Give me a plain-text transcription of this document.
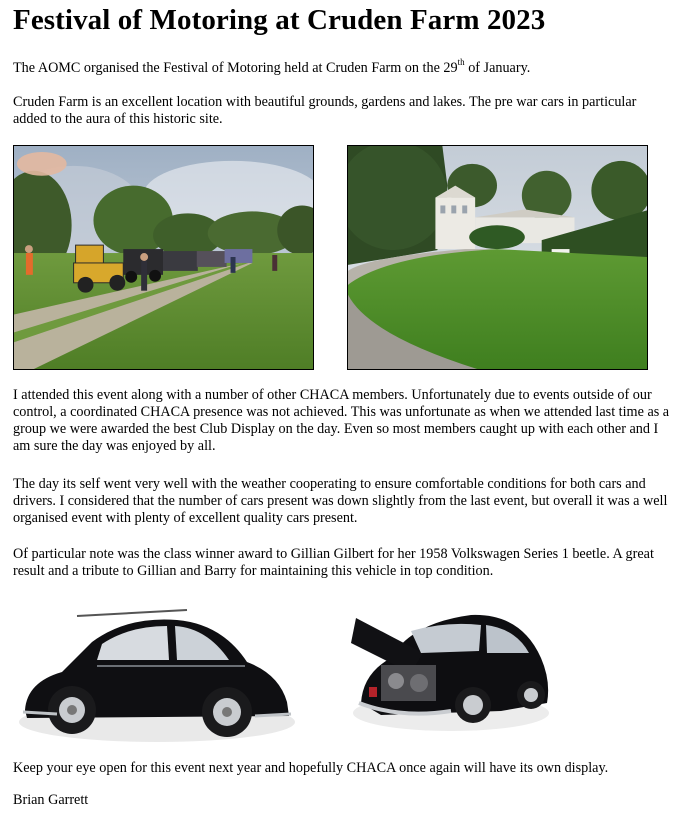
Festival of Motoring at Cruden Farm 2023

The AOMC organised the Festival of Motoring held at Cruden Farm on the 29th of January.

Cruden Farm is an excellent location with beautiful grounds, gardens and lakes. The pre war cars in particular added to the aura of this historic site.

I attended this event along with a number of other CHACA members. Unfortunately due to events outside of our control, a coordinated CHACA presence was not achieved. This was unfortunate as when we attended last time as a group we were awarded the best Club Display on the day. Even so most members caught up with each other and I am sure the day was enjoyed by all.

The day its self went very well with the weather cooperating to ensure comfortable conditions for both cars and drivers. I considered that the number of cars present was down slightly from the last event, but overall it was a well organised event with plenty of excellent quality cars present.

Of particular note was the class winner award to Gillian Gilbert for her 1958 Volkswagen Series 1 beetle. A great result and a tribute to Gillian and Barry for maintaining this vehicle in top condition.

Keep your eye open for this event next year and hopefully CHACA once again will have its own display.

Brian Garrett
